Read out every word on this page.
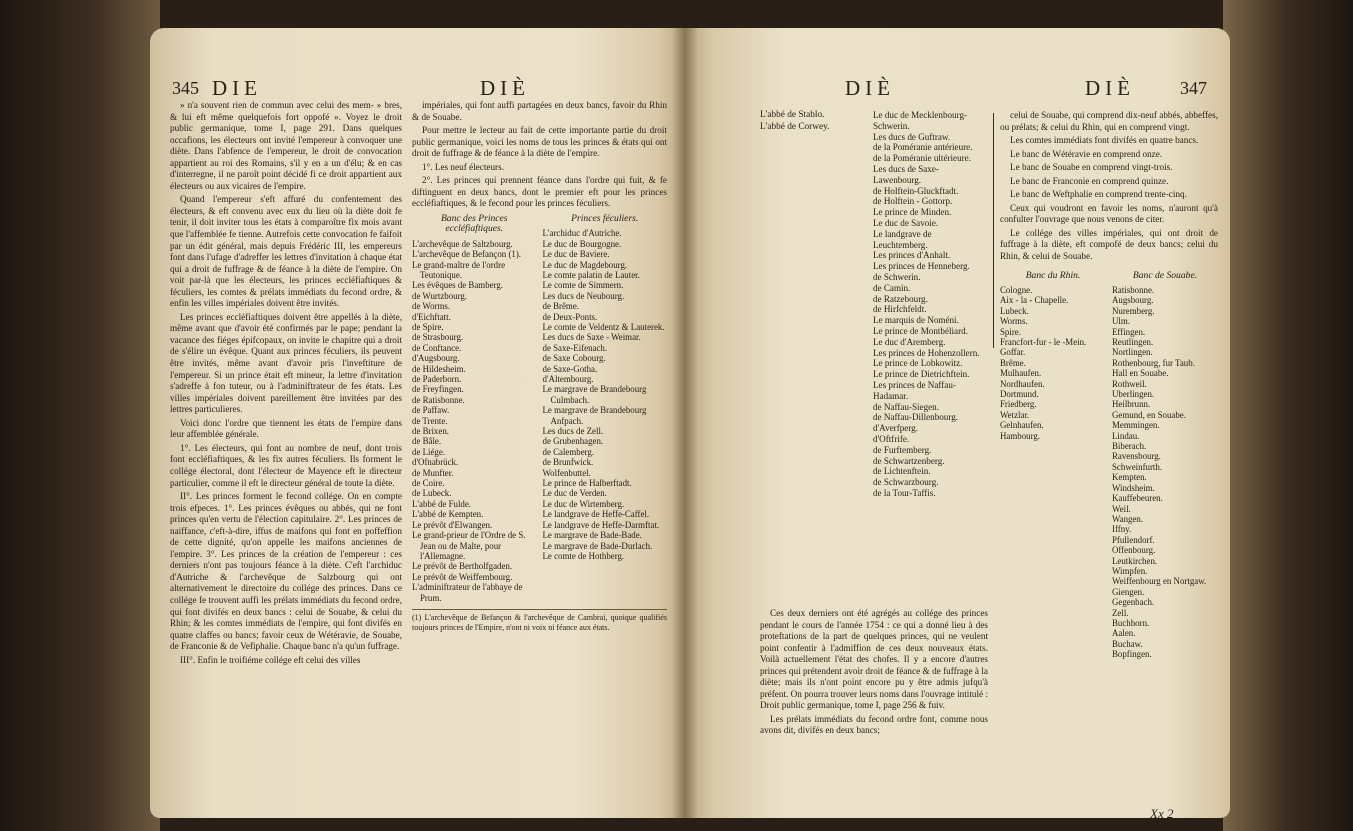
345 DIE	DIÈ

» n'a souvent rien de commun avec celui des mem- » bres, & lui eft même quelquefois fort oppofé ». Voyez le droit public germanique, tome I, page 291. Dans quelques occafions, les électeurs ont invité l'empereur à convoquer une diète. Dans l'abfence de l'empereur, le droit de convocation appartient au roi des Romains, s'il y en a un d'élu; & en cas d'interregne, il ne paroît point décidé fi ce droit appartient aux électeurs ou aux vicaires de l'empire.

Quand l'empereur s'eft affuré du confentement des électeurs, & eft convenu avec eux du lieu où la diète doit fe tenir, il doit inviter tous les états à comparoître fix mois avant que l'affemblée fe tienne. Autrefois cette convocation fe faifoit par un édit général, mais depuis Frédéric III, les empereurs font dans l'ufage d'adreffer les lettres d'invitation à chaque état qui a droit de fuffrage & de féance à la diète de l'empire. On voit par-là que les électeurs, les princes eccléfiaftiques & féculiers, les comtes & prélats immédiats du fecond ordre, & enfin les villes impériales doivent être invités.

Les princes eccléfiaftiques doivent être appellés à la diète, même avant que d'avoir été confirmés par le pape; pendant la vacance des fiéges épifcopaux, on invite le chapitre qui a droit de s'élire un évêque. Quant aux princes féculiers, ils peuvent être invités, même avant d'avoir pris l'inveftiture de l'empereur. Si un prince était eft mineur, la lettre d'invitation s'adreffe à fon tuteur, ou à l'adminiftrateur de fes états. Les villes impériales doivent pareillement être invitées par des lettres particulieres.

Voici donc l'ordre que tiennent les états de l'empire dans leur affemblée générale.

1°. Les électeurs, qui font au nombre de neuf, dont trois font eccléfiaftiques, & les fix autres féculiers. Ils forment le collége électoral, dont l'électeur de Mayence eft le directeur particulier, comme il eft le directeur général de toute la diète.

II°. Les princes forment le fecond collége. On en compte trois efpeces. 1°. Les princes évêques ou abbés, qui ne font princes qu'en vertu de l'élection capitulaire. 2°. Les princes de naiffance, c'eft-à-dire, iffus de maifons qui font en poffeffion de cette dignité, qu'on appelle les maifons anciennes de l'empire. 3°. Les princes de la création de l'empereur : ces derniers n'ont pas toujours féance à la diète. C'eft l'archiduc d'Autriche & l'archevêque de Salzbourg qui ont alternativement le directoire du collége des princes. Dans ce collége fe trouvent auffi les prélats immédiats du fecond ordre, qui font divifés en deux bancs : celui de Souabe, & celui du Rhin; & les comtes immédiats de l'empire, qui font divifés en quatre claffes ou bancs; favoir ceux de Wétéravie, de Souabe, de Franconie & de Vefiphalie. Chaque banc n'a qu'un fuffrage.

III°. Enfin le troifiéme collége eft celui des villes

impériales, qui font auffi partagées en deux bancs, favoir du Rhin & de Souabe.

Pour mettre le lecteur au fait de cette importante partie du droit public germanique, voici les noms de tous les princes & états qui ont droit de fuffrage & de féance à la diète de l'empire.

1°. Les neuf électeurs.

2°. Les princes qui prennent féance dans l'ordre qui fuit, & fe diftinguent en deux bancs, dont le premier eft pour les princes eccléfiaftiques, & le fecond pour les princes féculiers.

Banc des Princes eccléfiaftiques.
L'archevêque de Saltzbourg.
L'archevêque de Befançon (1).
Le grand-maître de l'ordre Teutonique.
Les évêques de Bamberg.
de Wurtzbourg.
de Worms.
d'Eichftatt.
de Spire.
de Strasbourg.
de Conftance.
d'Augsbourg.
de Hildesheim.
de Paderborn.
de Freyfingen.
de Ratisbonne.
de Paffaw.
de Trente.
de Brixen.
de Bâle.
de Liége.
d'Ofnabrück.
de Munfter.
de Coire.
de Lubeck.
L'abbé de Fulde.
L'abbé de Kempten.
Le prévôt d'Elwangen.
Le grand-prieur de l'Ordre de S. Jean ou de Malte, pour l'Allemagne.
Le prévôt de Bertholfgaden.
Le prévôt de Weiffembourg.
L'adminiftrateur de l'abbaye de Prum.
Princes féculiers.
L'archiduc d'Autriche.
Le duc de Bourgogne.
Le duc de Baviere.
Le duc de Magdebourg.
Le comte palatin de Lauter.
Le comte de Simmern.
Les ducs de Neubourg.
de Brême.
de Deux-Ponts.
Le comte de Veldentz & Lauterek.
Les ducs de Saxe - Weimar.
de Saxe-Eifenach.
de Saxe Cobourg.
de Saxe-Gotha.
d'Altembourg.
Le margrave de Brandebourg Culmbach.
Le margrave de Brandebourg Anfpach.
Les ducs de Zell.
de Grubenhagen.
de Calemberg.
de Brunfwick.
Wolfenbuttel.
Le prince de Halberftadt.
Le duc de Verden.
Le duc de Wirtemberg.
Le landgrave de Heffe-Caffel.
Le landgrave de Heffe-Darmftat.
Le margrave de Bade-Bade.
Le margrave de Bade-Durlach.
Le comte de Hothberg.
(1) L'archevêque de Befançon & l'archevêque de Cambrai, quoique qualifiés toujours princes de l'Empire, n'ont ni voix ni féance aux états.
DIÈ	DIÈ	347
L'abbé de Stablo.
L'abbé de Corwey.
Le duc de Mecklenbourg-Schwerin.
Les ducs de Guftraw.
de la Poméranie antérieure.
de la Poméranie ultérieure.
Les ducs de Saxe-Lawenbourg.
de Holftein-Gluckftadt.
de Holftein - Gottorp.
Le prince de Minden.
Le duc de Savoie.
Le landgrave de Leuchtemberg.
Les princes d'Anhalt.
Les princes de Henneberg.
de Schwerin.
de Camin.
de Ratzebourg.
de Hirfchfeldt.
Le marquis de Noméni.
Le prince de Montbéliard.
Le duc d'Aremberg.
Les princes de Hohenzollern.
Le prince de Lobkowitz.
Le prince de Dietrichftein.
Les princes de Naffau-Hadamar.
de Naffau-Siegen.
de Naffau-Dillenbourg.
d'Averfperg.
d'Oftfrife.
de Furftemberg.
de Schwartzenberg.
de Lichtenftein.
de Schwarzbourg.
de la Tour-Taffis.

Ces deux derniers ont été agrégés au collége des princes pendant le cours de l'année 1754 : ce qui a donné lieu à des proteftations de la part de quelques princes, qui ne veulent point confentir à l'admiffion de ces deux nouveaux états. Voilà actuellement l'état des chofes. Il y a encore d'autres princes qui prétendent avoir droit de féance & de fuffrage à la diète; mais ils n'ont point encore pu y être admis jufqu'à préfent. On pourra trouver leurs noms dans l'ouvrage intitulé : Droit public germanique, tome I, page 256 & fuiv.

Les prélats immédiats du fecond ordre font, comme nous avons dit, divifés en deux bancs;

celui de Souabe, qui comprend dix-neuf abbés, abbeffes, ou prélats; & celui du Rhin, qui en comprend vingt.

Les comtes immédiats font divifés en quatre bancs.

Le banc de Wétéravie en comprend onze.

Le banc de Souabe en comprend vingt-trois.

Le banc de Franconie en comprend quinze.

Le banc de Weftphalie en comprend trente-cinq.

Ceux qui voudront en favoir les noms, n'auront qu'à confulter l'ouvrage que nous venons de citer.

Le collége des villes impériales, qui ont droit de fuffrage à la diète, eft compofé de deux bancs; celui du Rhin, & celui de Souabe.

Banc du Rhin.
Cologne.
Aix - la - Chapelle.
Lubeck.
Worms.
Spire.
Francfort-fur - le -Mein.
Goffar.
Brême.
Mulhaufen.
Nordhaufen.
Dortmund.
Friedberg.
Wetzlar.
Gelnhaufen.
Hambourg.
Banc de Souabe.
Ratisbonne.
Augsbourg.
Nuremberg.
Ulm.
Effingen.
Reutlingen.
Nortlingen.
Rothenbourg, fur Taub.
Hall en Souabe.
Rothweil.
Uberlingen.
Heilbrunn.
Gemund, en Souabe.
Memmingen.
Lindau.
Biberach.
Ravensbourg.
Schweinfurth.
Kempten.
Windsheim.
Kauffebeuren.
Weil.
Wangen.
Iffny.
Pfullendorf.
Offenbourg.
Leutkirchen.
Wimpfen.
Weiffenbourg en Nortgaw.
Giengen.
Gegenbach.
Zell.
Buchhorn.
Aalen.
Buchaw.
Bopfingen.
Xx 2
